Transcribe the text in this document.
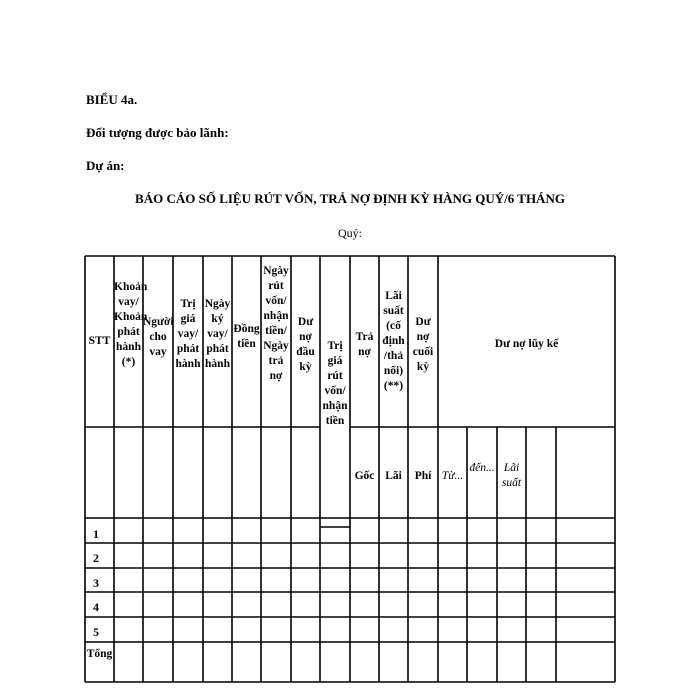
BIỂU 4a.
Đối tượng được bảo lãnh:
Dự án:
BÁO CÁO SỐ LIỆU RÚT VỐN, TRẢ NỢ ĐỊNH KỲ HÀNG QUÝ/6 THÁNG
Quý:
STT
Khoản vay/ Khoản phát hành (*)
Người cho vay
Trị giá vay/ phát hành
Ngày ký vay/ phát hành
Đồng tiền
Ngày rút vốn/ nhận tiền/ Ngày trả nợ
Dư nợ đầu kỳ
Trị giá rút vốn/ nhận tiền
Trả nợ
Lãi suất (cố định /thả nổi) (**)
Dư nợ cuối kỳ
Dư nợ lũy kế
Gốc Lãi	Phí Từ...
đến... Lãi suất
1
2
3
4
5
Tổng
